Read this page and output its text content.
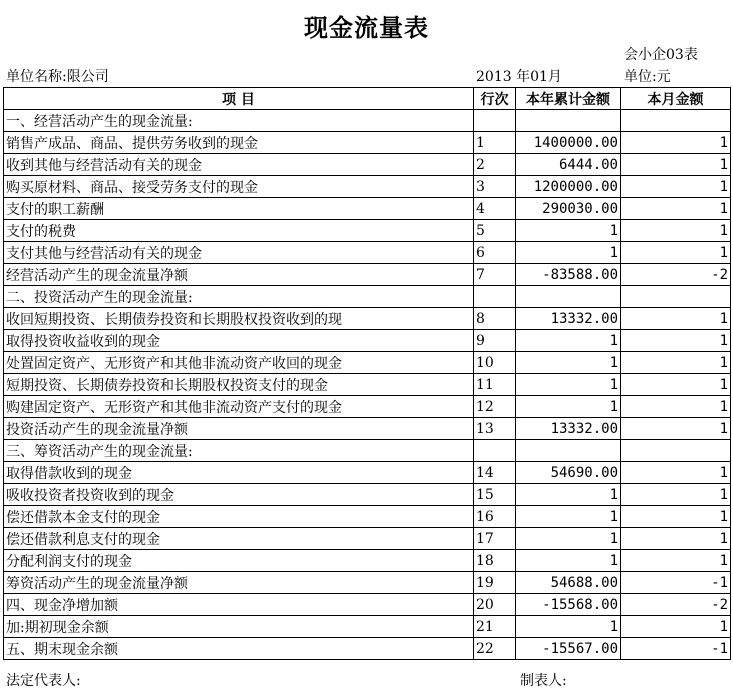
现金流量表
会小企03表
单位名称:限公司	2013 年01月	单位:元
项 目	行次	本年累计金额	本月金额
一、经营活动产生的现金流量:			
销售产成品、商品、提供劳务收到的现金	1	1400000.00	1
收到其他与经营活动有关的现金	2	6444.00	1
购买原材料、商品、接受劳务支付的现金	3	1200000.00	1
支付的职工薪酬	4	290030.00	1
支付的税费	5	1	1
支付其他与经营活动有关的现金	6	1	1
经营活动产生的现金流量净额	7	-83588.00	-2
二、投资活动产生的现金流量:			
收回短期投资、长期债券投资和长期股权投资收到的现	8	13332.00	1
取得投资收益收到的现金	9	1	1
处置固定资产、无形资产和其他非流动资产收回的现金	10	1	1
短期投资、长期债券投资和长期股权投资支付的现金	11	1	1
购建固定资产、无形资产和其他非流动资产支付的现金	12	1	1
投资活动产生的现金流量净额	13	13332.00	1
三、筹资活动产生的现金流量:			
取得借款收到的现金	14	54690.00	1
吸收投资者投资收到的现金	15	1	1
偿还借款本金支付的现金	16	1	1
偿还借款利息支付的现金	17	1	1
分配利润支付的现金	18	1	1
筹资活动产生的现金流量净额	19	54688.00	-1
四、现金净增加额	20	-15568.00	-2
加:期初现金余额	21	1	1
五、期末现金余额	22	-15567.00	-1
法定代表人:	制表人:
